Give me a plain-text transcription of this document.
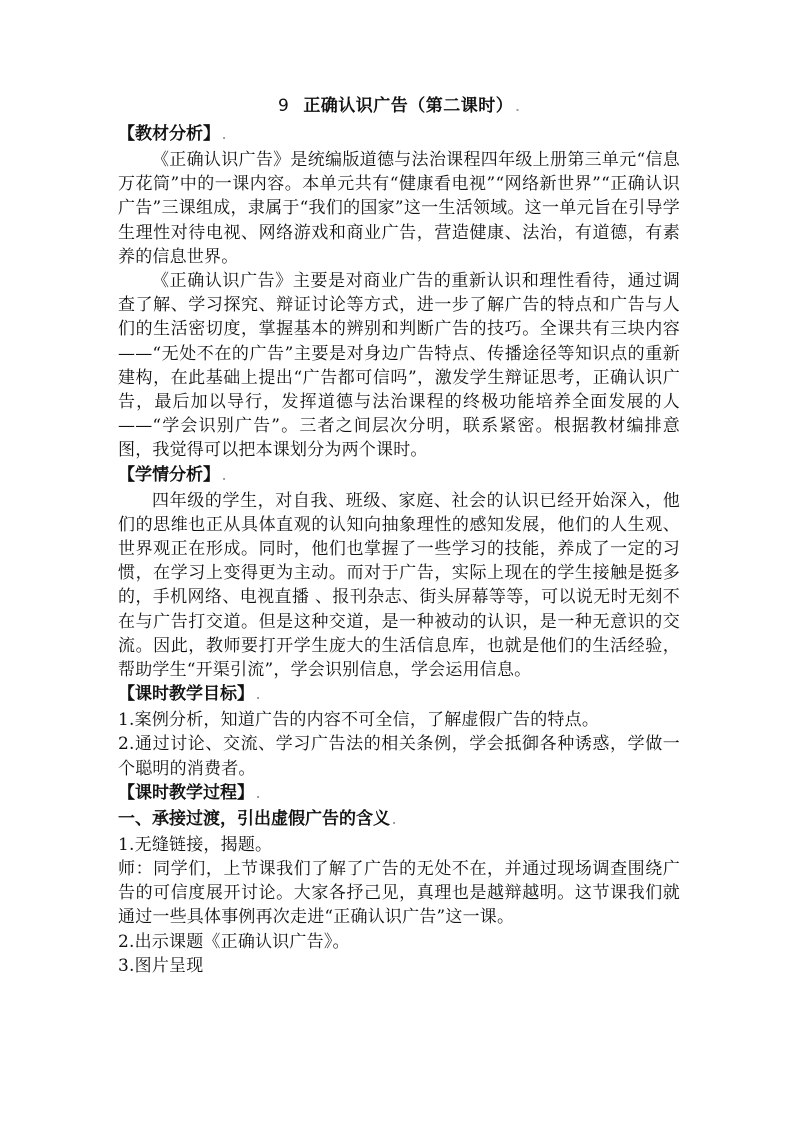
9 正确认识广告（第二课时） .
【教材分析】 .

《正确认识广告》是统编版道德与法治课程四年级上册第三单元“信息万花筒”中的一课内容。本单元共有“健康看电视”“网络新世界”“正确认识广告”三课组成，隶属于“我们的国家”这一生活领域。这一单元旨在引导学生理性对待电视、网络游戏和商业广告，营造健康、法治，有道德，有素养的信息世界。

《正确认识广告》主要是对商业广告的重新认识和理性看待，通过调查了解、学习探究、辩证讨论等方式，进一步了解广告的特点和广告与人们的生活密切度，掌握基本的辨别和判断广告的技巧。全课共有三块内容——“无处不在的广告”主要是对身边广告特点、传播途径等知识点的重新建构，在此基础上提出“广告都可信吗”，激发学生辩证思考，正确认识广告，最后加以导行，发挥道德与法治课程的终极功能培养全面发展的人——“学会识别广告”。三者之间层次分明，联系紧密。根据教材编排意图，我觉得可以把本课划分为两个课时。

【学情分析】 .

四年级的学生，对自我、班级、家庭、社会的认识已经开始深入，他们的思维也正从具体直观的认知向抽象理性的感知发展，他们的人生观、世界观正在形成。同时，他们也掌握了一些学习的技能，养成了一定的习惯，在学习上变得更为主动。而对于广告，实际上现在的学生接触是挺多的，手机网络、电视直播 、报刊杂志、街头屏幕等等，可以说无时无刻不在与广告打交道。但是这种交道，是一种被动的认识，是一种无意识的交流。因此，教师要打开学生庞大的生活信息库，也就是他们的生活经验，帮助学生“开渠引流”，学会识别信息，学会运用信息。

【课时教学目标】 .

1.案例分析，知道广告的内容不可全信，了解虚假广告的特点。

2.通过讨论、交流、学习广告法的相关条例，学会抵御各种诱惑，学做一个聪明的消费者。

【课时教学过程】 .
一、承接过渡，引出虚假广告的含义 .

1.无缝链接，揭题。

师：同学们，上节课我们了解了广告的无处不在，并通过现场调查围绕广告的可信度展开讨论。大家各抒己见，真理也是越辩越明。这节课我们就通过一些具体事例再次走进“正确认识广告”这一课。

2.出示课题《正确认识广告》。

3.图片呈现
